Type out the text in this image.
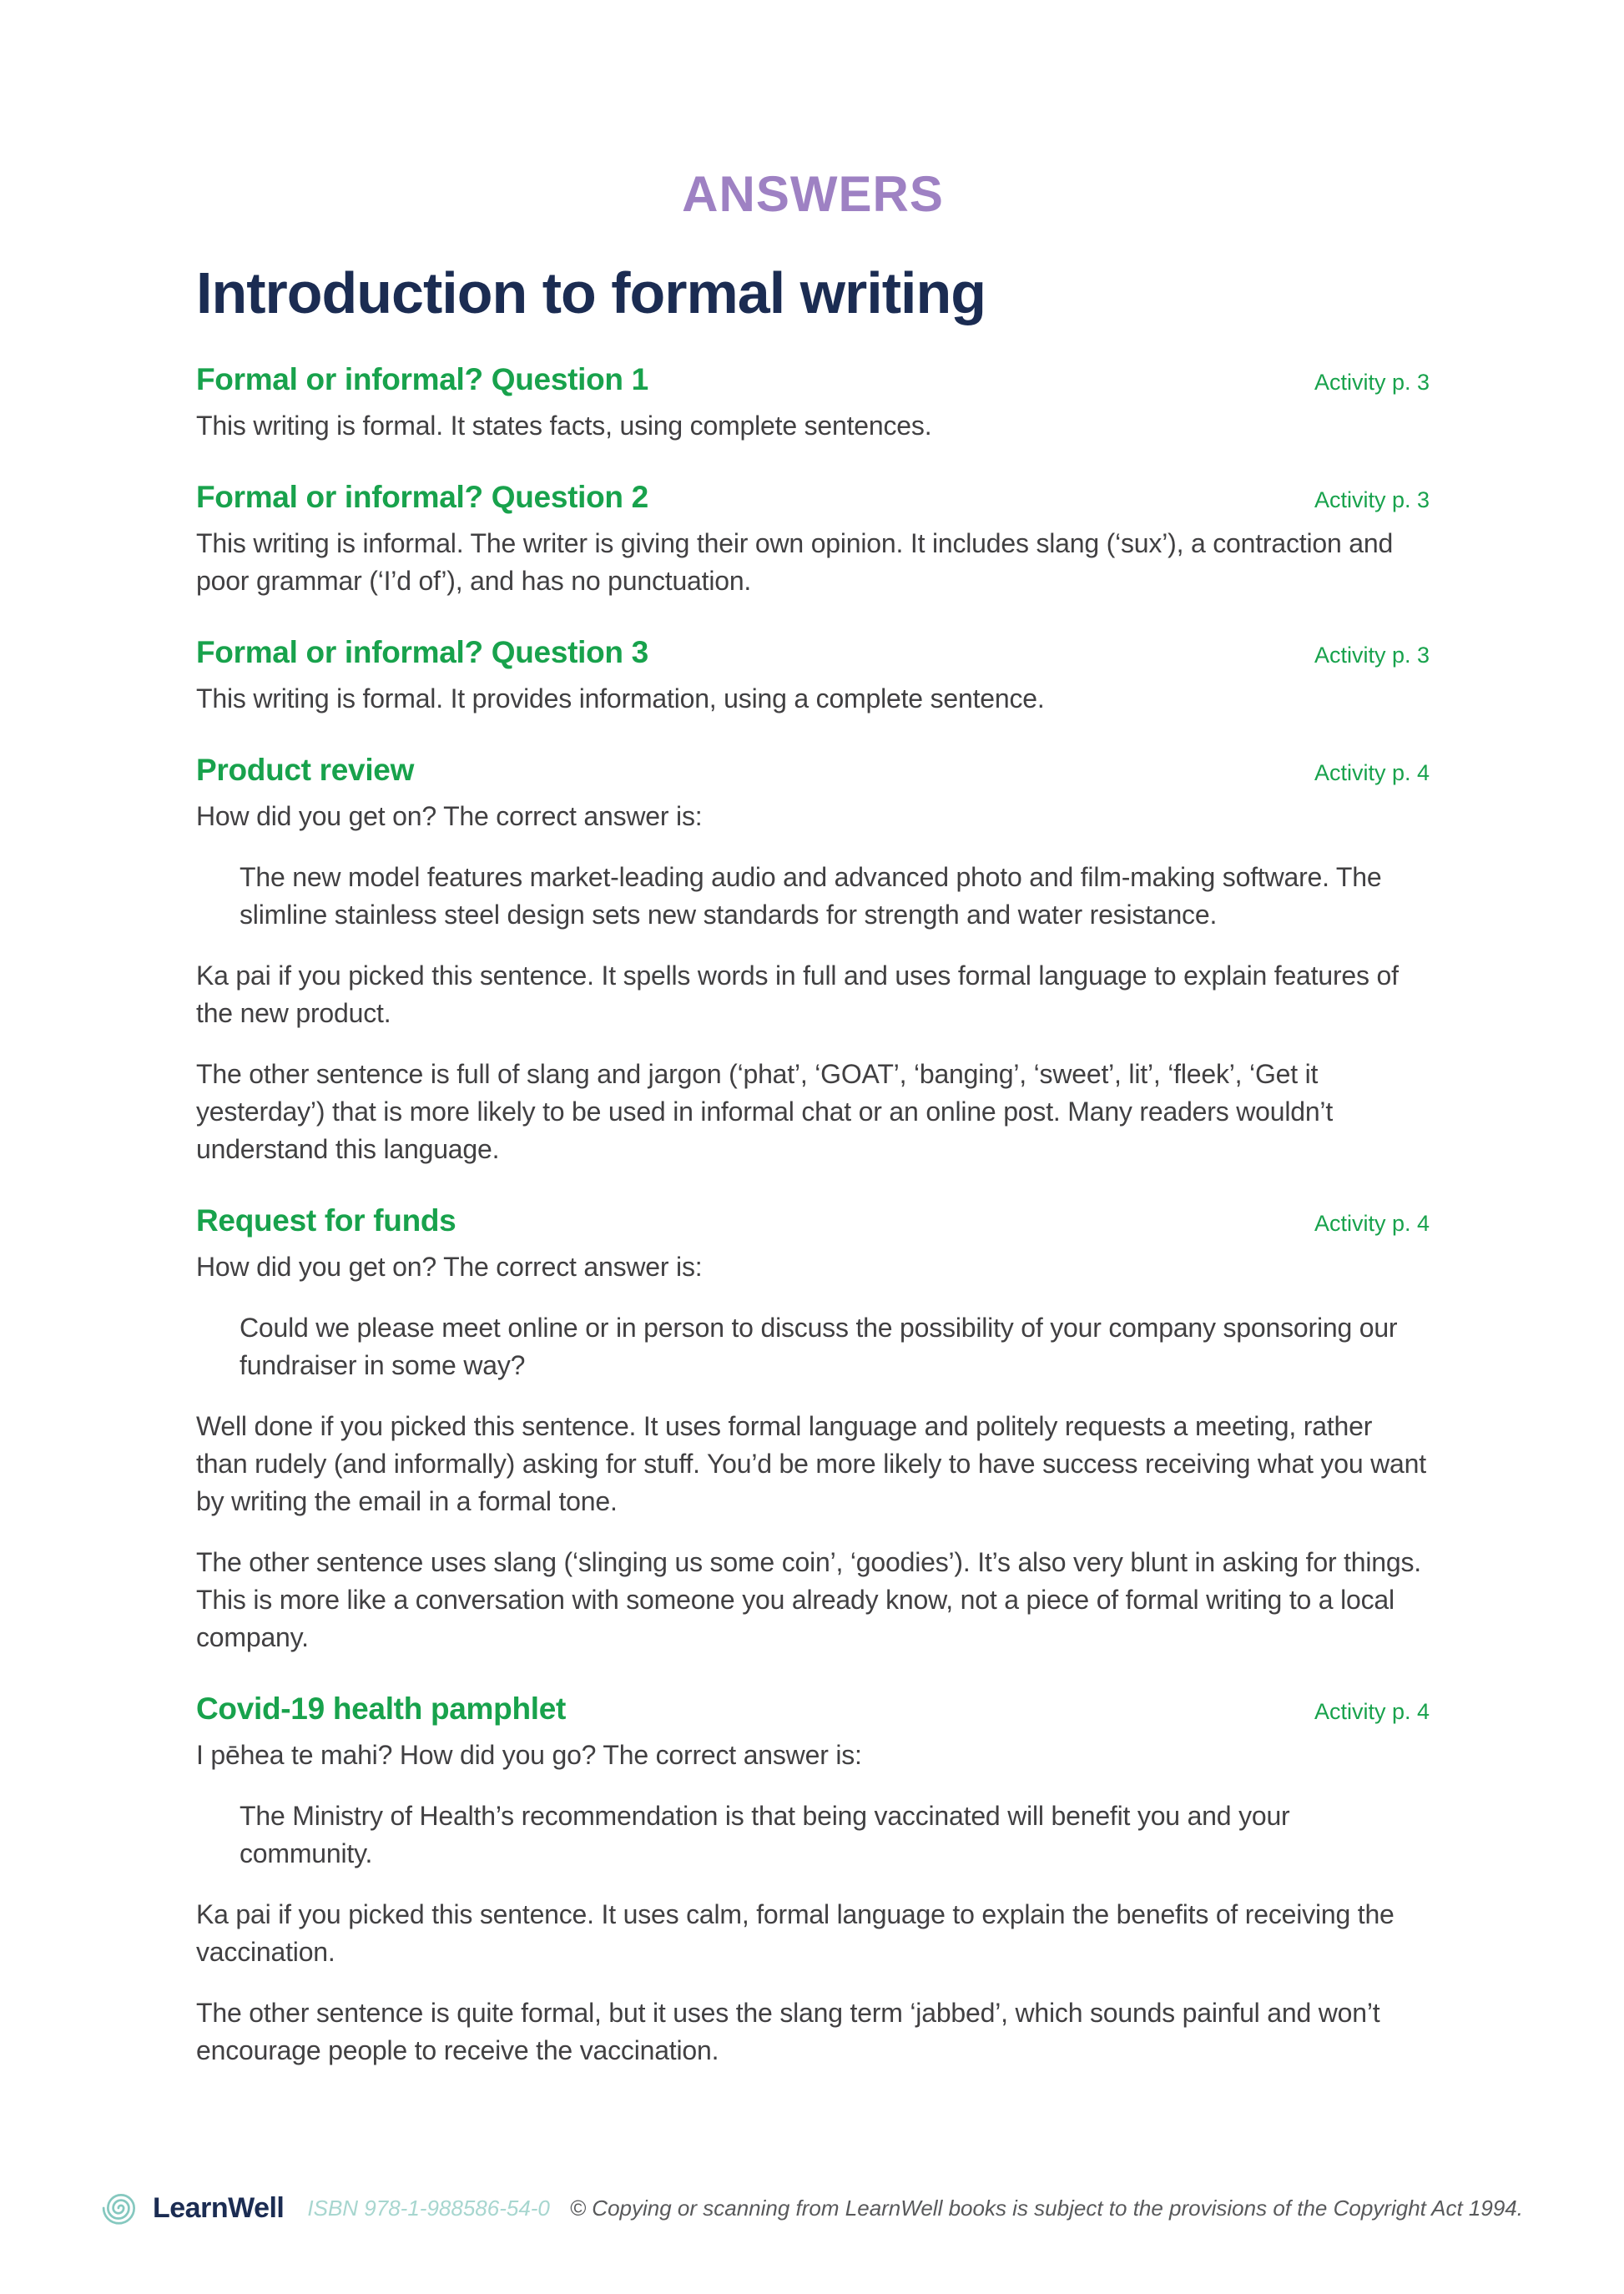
ANSWERS
Introduction to formal writing
Formal or informal? Question 1	Activity p. 3

This writing is formal. It states facts, using complete sentences.

Formal or informal? Question 2	Activity p. 3

This writing is informal. The writer is giving their own opinion. It includes slang (‘sux’), a contraction and poor grammar (‘I’d of’), and has no punctuation.

Formal or informal? Question 3	Activity p. 3

This writing is formal. It provides information, using a complete sentence.

Product review	Activity p. 4

How did you get on? The correct answer is:

The new model features market-leading audio and advanced photo and film-making software. The slimline stainless steel design sets new standards for strength and water resistance.

Ka pai if you picked this sentence. It spells words in full and uses formal language to explain features of the new product.

The other sentence is full of slang and jargon (‘phat’, ‘GOAT’, ‘banging’, ‘sweet’, lit’, ‘fleek’, ‘Get it yesterday’) that is more likely to be used in informal chat or an online post. Many readers wouldn’t understand this language.

Request for funds	Activity p. 4

How did you get on? The correct answer is:

Could we please meet online or in person to discuss the possibility of your company sponsoring our fundraiser in some way?

Well done if you picked this sentence. It uses formal language and politely requests a meeting, rather than rudely (and informally) asking for stuff. You’d be more likely to have success receiving what you want by writing the email in a formal tone.

The other sentence uses slang (‘slinging us some coin’, ‘goodies’). It’s also very blunt in asking for things. This is more like a conversation with someone you already know, not a piece of formal writing to a local company.

Covid-19 health pamphlet	Activity p. 4

I pēhea te mahi? How did you go? The correct answer is:

The Ministry of Health’s recommendation is that being vaccinated will benefit you and your community.

Ka pai if you picked this sentence. It uses calm, formal language to explain the benefits of receiving the vaccination.

The other sentence is quite formal, but it uses the slang term ‘jabbed’, which sounds painful and won’t encourage people to receive the vaccination.

LearnWell ISBN 978-1-988586-54-0 © Copying or scanning from LearnWell books is subject to the provisions of the Copyright Act 1994.
